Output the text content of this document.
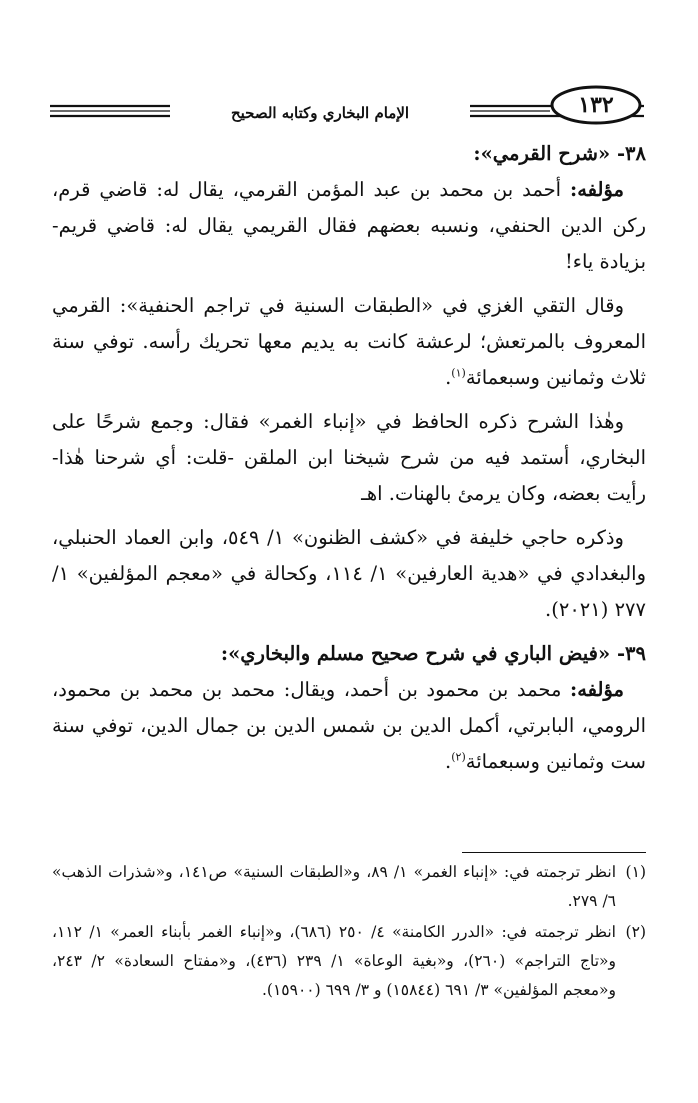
الإمام البخاري وكتابه الصحيح	١٣٢

٣٨- «شرح القرمي»:

مؤلفه: أحمد بن محمد بن عبد المؤمن القرمي، يقال له: قاضي قرم، ركن الدين الحنفي، ونسبه بعضهم فقال القريمي يقال له: قاضي قريم- بزيادة ياء!

وقال التقي الغزي في «الطبقات السنية في تراجم الحنفية»: القرمي المعروف بالمرتعش؛ لرعشة كانت به يديم معها تحريك رأسه. توفي سنة ثلاث وثمانين وسبعمائة$^{(١)}$.

وهٰذا الشرح ذكره الحافظ في «إنباء الغمر» فقال: وجمع شرحًا على البخاري، أستمد فيه من شرح شيخنا ابن الملقن -قلت: أي شرحنا هٰذا- رأيت بعضه، وكان يرمئ بالهنات. اهـ

وذكره حاجي خليفة في «كشف الظنون» ١/ ٥٤٩، وابن العماد الحنبلي، والبغدادي في «هدية العارفين» ١/ ١١٤، وكحالة في «معجم المؤلفين» ١/ ٢٧٧ (٢٠٢١).

٣٩- «فيض الباري في شرح صحيح مسلم والبخاري»:

مؤلفه: محمد بن محمود بن أحمد، ويقال: محمد بن محمد بن محمود، الرومي، البابرتي، أكمل الدين بن شمس الدين بن جمال الدين، توفي سنة ست وثمانين وسبعمائة$^{(٢)}$.

(١)
انظر ترجمته في: «إنباء الغمر» ١/ ٨٩، و«الطبقات السنية» ص١٤١، و«شذرات الذهب» ٦/ ٢٧٩.
(٢)
انظر ترجمته في: «الدرر الكامنة» ٤/ ٢٥٠ (٦٨٦)، و«إنباء الغمر بأبناء العمر» ١/ ١١٢، و«تاج التراجم» (٢٦٠)، و«بغية الوعاة» ١/ ٢٣٩ (٤٣٦)، و«مفتاح السعادة» ٢/ ٢٤٣، و«معجم المؤلفين» ٣/ ٦٩١ (١٥٨٤٤) و ٣/ ٦٩٩ (١٥٩٠٠).
